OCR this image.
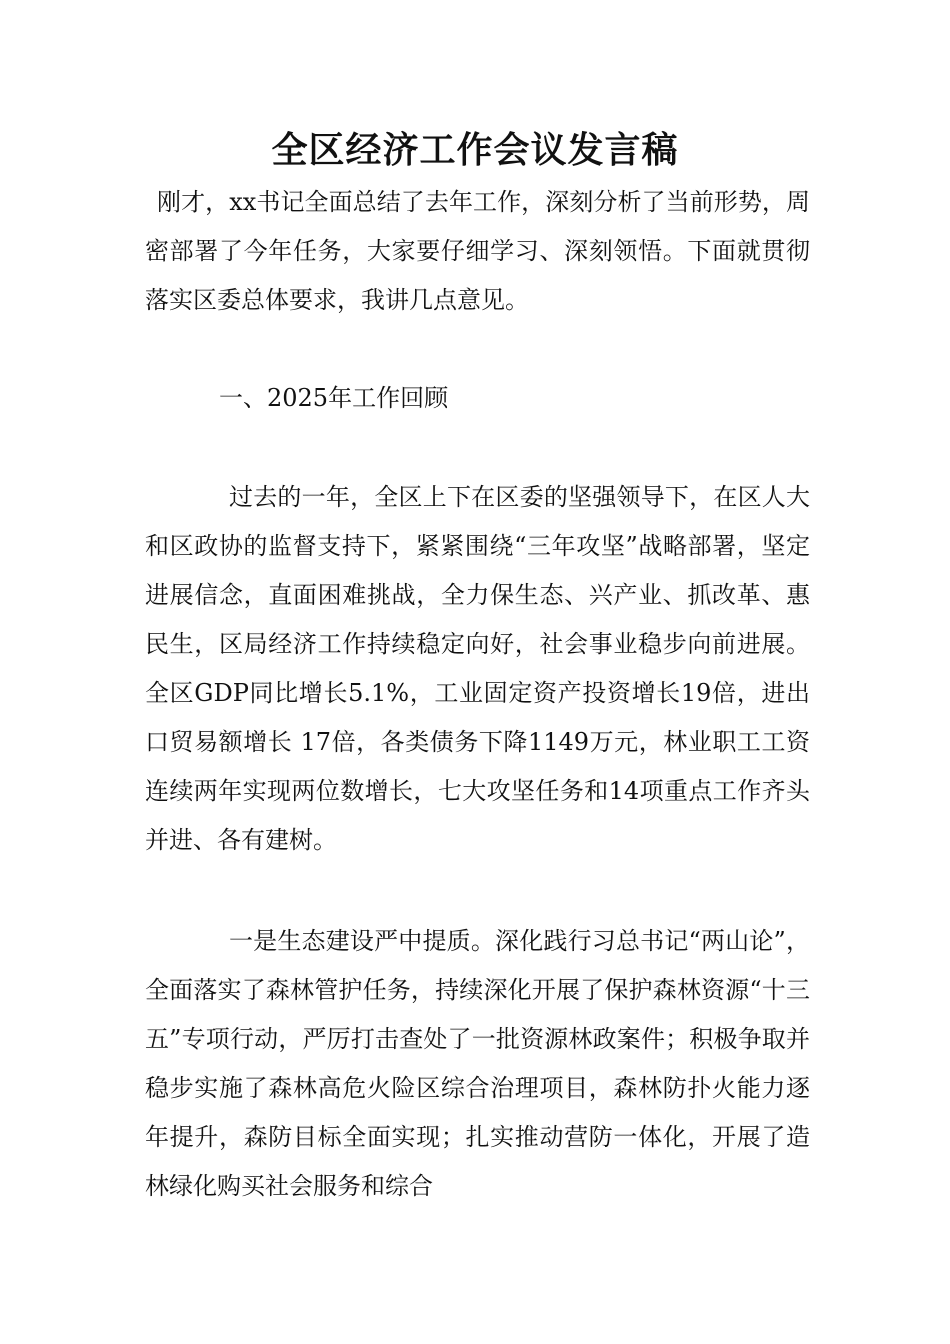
全区经济工作会议发言稿

刚才，xx书记全面总结了去年工作，深刻分析了当前形势，周密部署了今年任务，大家要仔细学习、深刻领悟。下面就贯彻落实区委总体要求，我讲几点意见。

一、2025年工作回顾

过去的一年，全区上下在区委的坚强领导下，在区人大和区政协的监督支持下，紧紧围绕“三年攻坚”战略部署，坚定进展信念，直面困难挑战，全力保生态、兴产业、抓改革、惠民生，区局经济工作持续稳定向好，社会事业稳步向前进展。全区GDP同比增长5.1%，工业固定资产投资增长19倍，进出口贸易额增长 17倍，各类债务下降1149万元，林业职工工资连续两年实现两位数增长，七大攻坚任务和14项重点工作齐头并进、各有建树。

一是生态建设严中提质。深化践行习总书记“两山论”，全面落实了森林管护任务，持续深化开展了保护森林资源“十三五”专项行动，严厉打击查处了一批资源林政案件；积极争取并稳步实施了森林高危火险区综合治理项目，森林防扑火能力逐年提升，森防目标全面实现；扎实推动营防一体化，开展了造林绿化购买社会服务和综合
